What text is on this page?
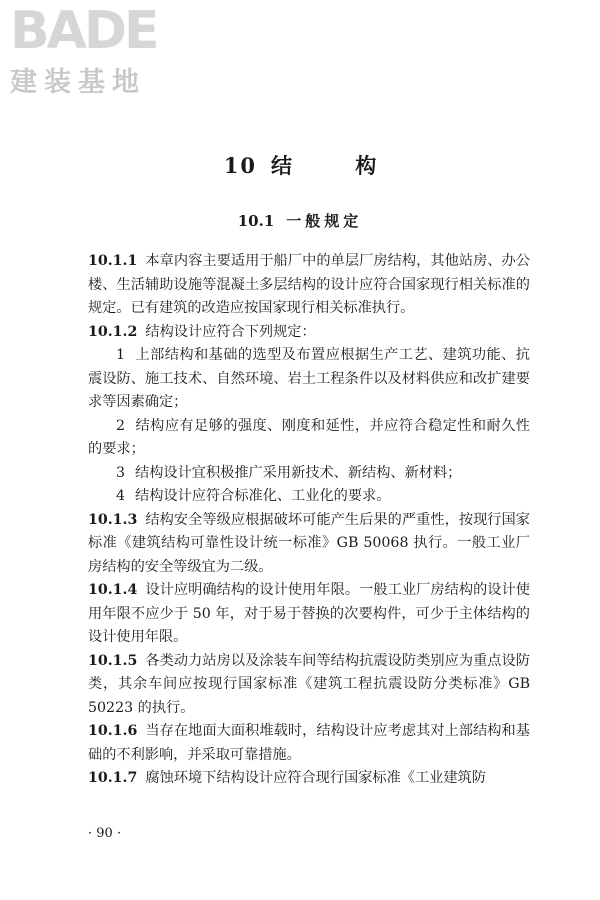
BADE
建装基地
10 结 构
10.1 一般规定

10.1.1 本章内容主要适用于船厂中的单层厂房结构，其他站房、办公楼、生活辅助设施等混凝土多层结构的设计应符合国家现行相关标准的规定。已有建筑的改造应按国家现行相关标准执行。

10.1.2 结构设计应符合下列规定：

1 上部结构和基础的选型及布置应根据生产工艺、建筑功能、抗震设防、施工技术、自然环境、岩土工程条件以及材料供应和改扩建要求等因素确定；

2 结构应有足够的强度、刚度和延性，并应符合稳定性和耐久性的要求；

3 结构设计宜积极推广采用新技术、新结构、新材料；

4 结构设计应符合标准化、工业化的要求。

10.1.3 结构安全等级应根据破坏可能产生后果的严重性，按现行国家标准《建筑结构可靠性设计统一标准》GB 50068 执行。一般工业厂房结构的安全等级宜为二级。

10.1.4 设计应明确结构的设计使用年限。一般工业厂房结构的设计使用年限不应少于 50 年，对于易于替换的次要构件，可少于主体结构的设计使用年限。

10.1.5 各类动力站房以及涂装车间等结构抗震设防类别应为重点设防类，其余车间应按现行国家标准《建筑工程抗震设防分类标准》GB 50223 的执行。

10.1.6 当存在地面大面积堆载时，结构设计应考虑其对上部结构和基础的不利影响，并采取可靠措施。

10.1.7 腐蚀环境下结构设计应符合现行国家标准《工业建筑防

· 90 ·
